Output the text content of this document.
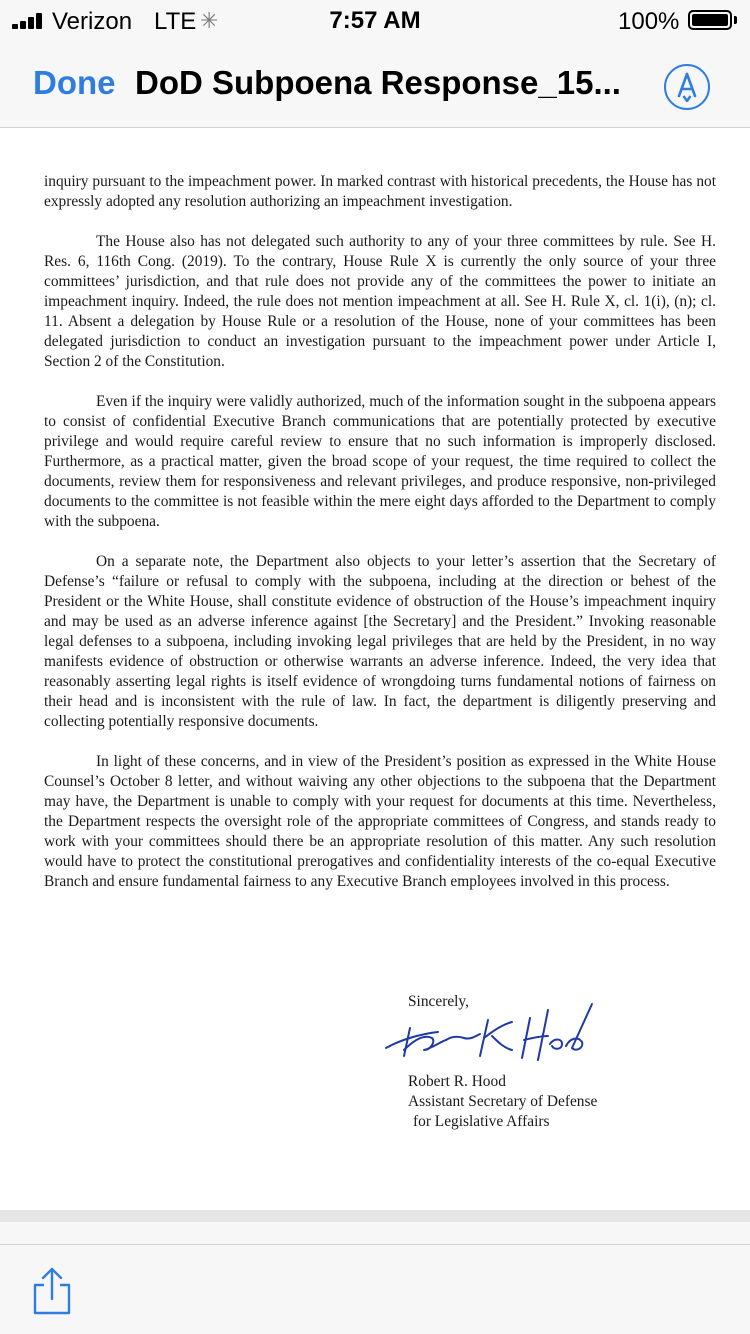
Verizon LTE ✳	7:57 AM	100%
Done DoD Subpoena Response_15...

inquiry pursuant to the impeachment power. In marked contrast with historical precedents, the House has not expressly adopted any resolution authorizing an impeachment investigation.

The House also has not delegated such authority to any of your three committees by rule. See H. Res. 6, 116th Cong. (2019). To the contrary, House Rule X is currently the only source of your three committees’ jurisdiction, and that rule does not provide any of the committees the power to initiate an impeachment inquiry. Indeed, the rule does not mention impeachment at all. See H. Rule X, cl. 1(i), (n); cl. 11. Absent a delegation by House Rule or a resolution of the House, none of your committees has been delegated jurisdiction to conduct an investigation pursuant to the impeachment power under Article I, Section 2 of the Constitution.

Even if the inquiry were validly authorized, much of the information sought in the subpoena appears to consist of confidential Executive Branch communications that are potentially protected by executive privilege and would require careful review to ensure that no such information is improperly disclosed. Furthermore, as a practical matter, given the broad scope of your request, the time required to collect the documents, review them for responsiveness and relevant privileges, and produce responsive, non-privileged documents to the committee is not feasible within the mere eight days afforded to the Department to comply with the subpoena.

On a separate note, the Department also objects to your letter’s assertion that the Secretary of Defense’s “failure or refusal to comply with the subpoena, including at the direction or behest of the President or the White House, shall constitute evidence of obstruction of the House’s impeachment inquiry and may be used as an adverse inference against [the Secretary] and the President.” Invoking reasonable legal defenses to a subpoena, including invoking legal privileges that are held by the President, in no way manifests evidence of obstruction or otherwise warrants an adverse inference. Indeed, the very idea that reasonably asserting legal rights is itself evidence of wrongdoing turns fundamental notions of fairness on their head and is inconsistent with the rule of law. In fact, the department is diligently preserving and collecting potentially responsive documents.

In light of these concerns, and in view of the President’s position as expressed in the White House Counsel’s October 8 letter, and without waiving any other objections to the subpoena that the Department may have, the Department is unable to comply with your request for documents at this time. Nevertheless, the Department respects the oversight role of the appropriate committees of Congress, and stands ready to work with your committees should there be an appropriate resolution of this matter. Any such resolution would have to protect the constitutional prerogatives and confidentiality interests of the co-equal Executive Branch and ensure fundamental fairness to any Executive Branch employees involved in this process.

Sincerely,
Robert R. Hood
Assistant Secretary of Defense
for Legislative Affairs
